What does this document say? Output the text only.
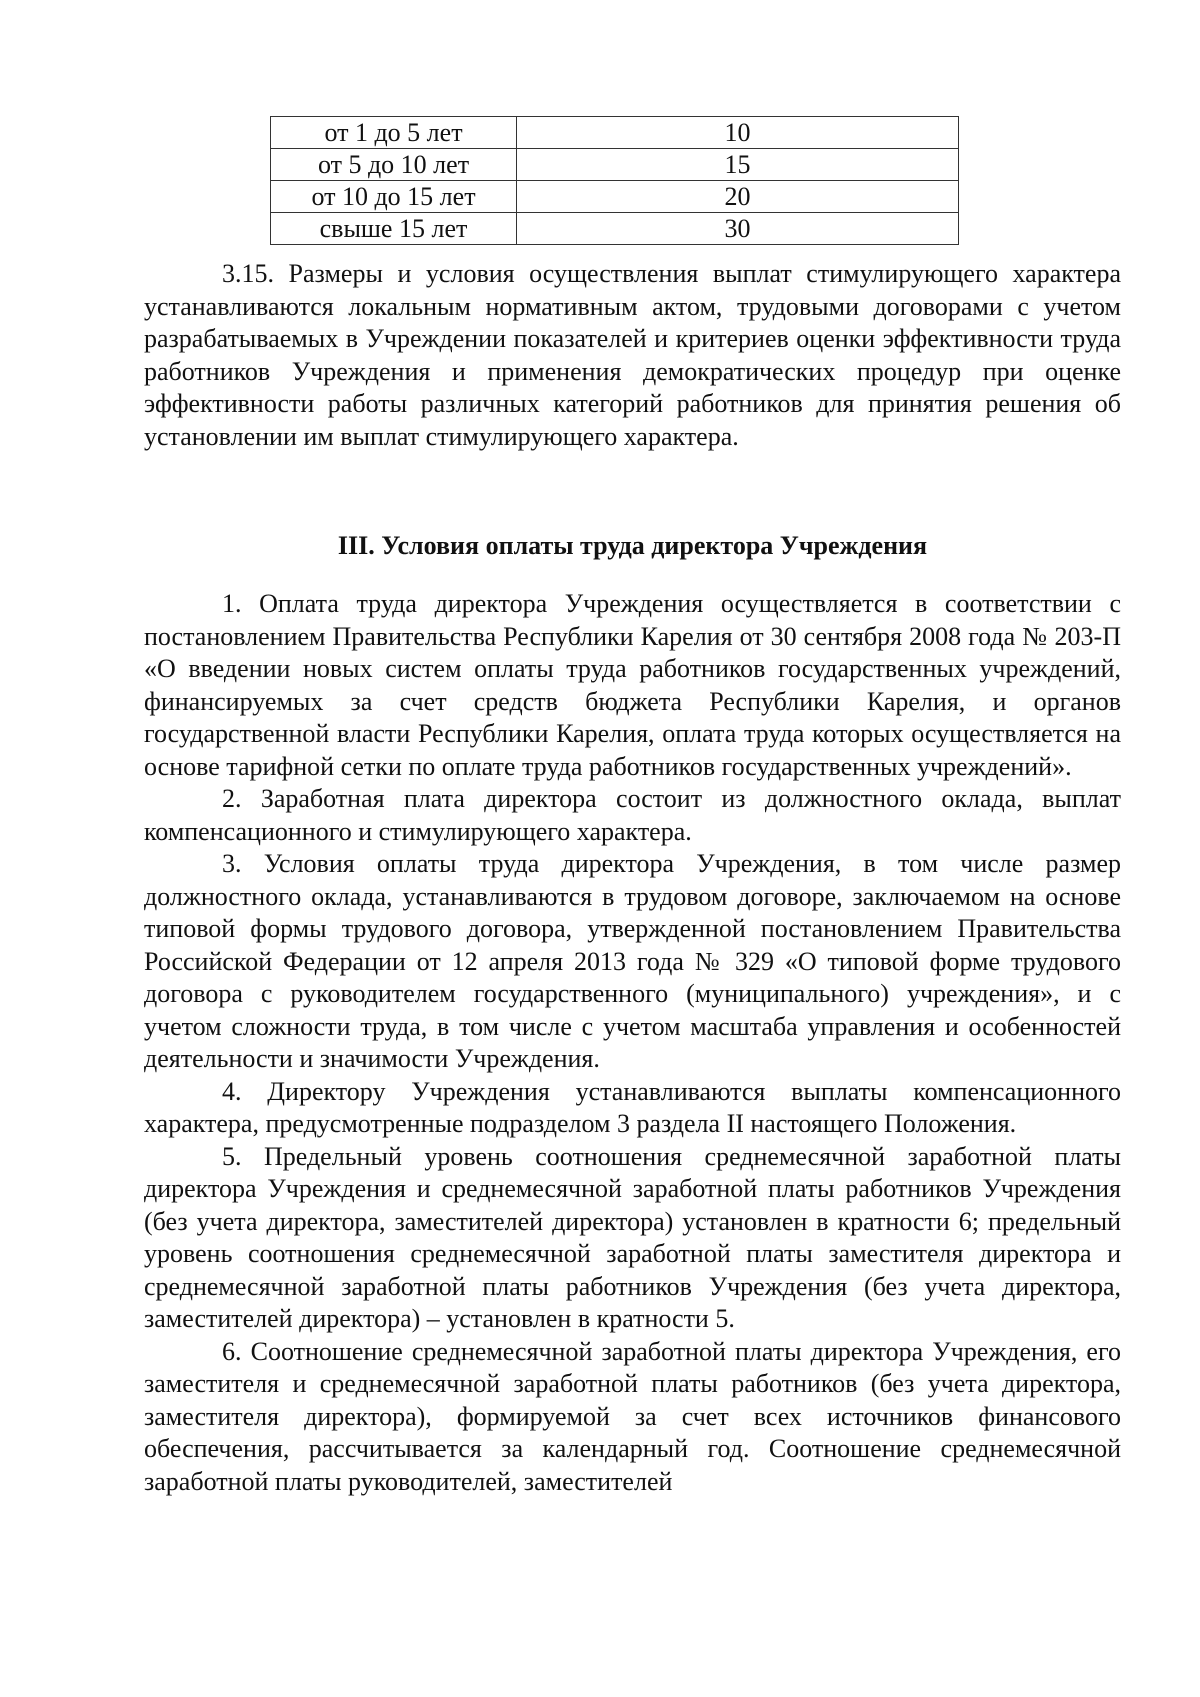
от 1 до 5 лет	10
от 5 до 10 лет	15
от 10 до 15 лет	20
свыше 15 лет	30

3.15. Размеры и условия осуществления выплат стимулирующего характера устанавливаются локальным нормативным актом, трудовыми договорами с учетом разрабатываемых в Учреждении показателей и критериев оценки эффективности труда работников Учреждения и применения демократических процедур при оценке эффективности работы различных категорий работников для принятия решения об установлении им выплат стимулирующего характера.

III. Условия оплаты труда директора Учреждения

1. Оплата труда директора Учреждения осуществляется в соответствии с постановлением Правительства Республики Карелия от 30 сентября 2008 года № 203-П «О введении новых систем оплаты труда работников государственных учреждений, финансируемых за счет средств бюджета Республики Карелия, и органов государственной власти Республики Карелия, оплата труда которых осуществляется на основе тарифной сетки по оплате труда работников государственных учреждений».

2. Заработная плата директора состоит из должностного оклада, выплат компенсационного и стимулирующего характера.

3. Условия оплаты труда директора Учреждения, в том числе размер должностного оклада, устанавливаются в трудовом договоре, заключаемом на основе типовой формы трудового договора, утвержденной постановлением Правительства Российской Федерации от 12 апреля 2013 года № 329 «О типовой форме трудового договора с руководителем государственного (муниципального) учреждения», и с учетом сложности труда, в том числе с учетом масштаба управления и особенностей деятельности и значимости Учреждения.

4. Директору Учреждения устанавливаются выплаты компенсационного характера, предусмотренные подразделом 3 раздела II настоящего Положения.

5. Предельный уровень соотношения среднемесячной заработной платы директора Учреждения и среднемесячной заработной платы работников Учреждения (без учета директора, заместителей директора) установлен в кратности 6; предельный уровень соотношения среднемесячной заработной платы заместителя директора и среднемесячной заработной платы работников Учреждения (без учета директора, заместителей директора) – установлен в кратности 5.

6. Соотношение среднемесячной заработной платы директора Учреждения, его заместителя и среднемесячной заработной платы работников (без учета директора, заместителя директора), формируемой за счет всех источников финансового обеспечения, рассчитывается за календарный год. Соотношение среднемесячной заработной платы руководителей, заместителей
